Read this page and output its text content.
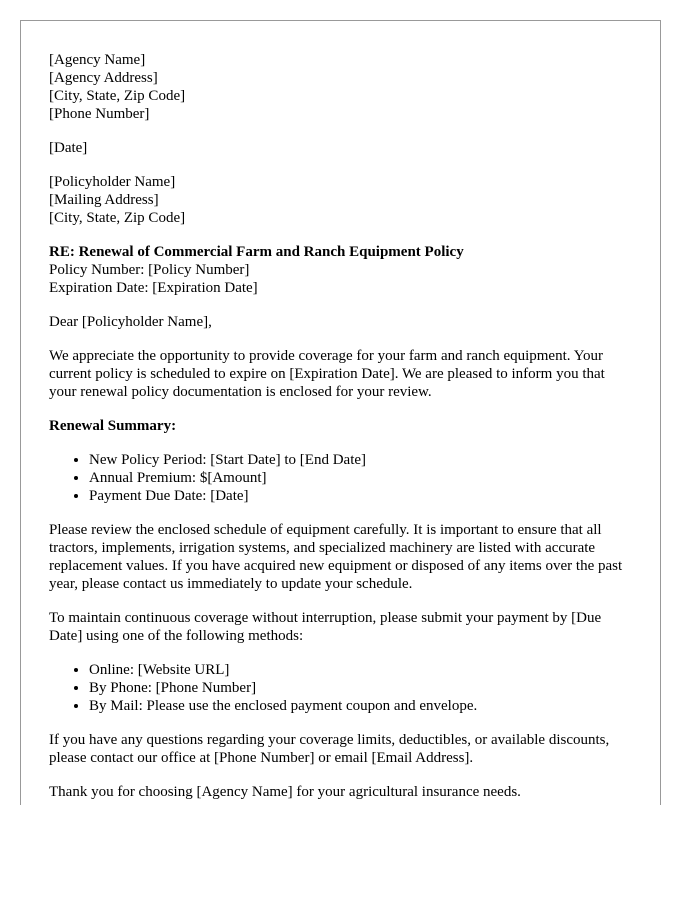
[Agency Name]
[Agency Address]
[City, State, Zip Code]
[Phone Number]
[Date]
[Policyholder Name]
[Mailing Address]
[City, State, Zip Code]
RE: Renewal of Commercial Farm and Ranch Equipment Policy
Policy Number: [Policy Number]
Expiration Date: [Expiration Date]

Dear [Policyholder Name],

We appreciate the opportunity to provide coverage for your farm and ranch equipment. Your current policy is scheduled to expire on [Expiration Date]. We are pleased to inform you that your renewal policy documentation is enclosed for your review.

Renewal Summary:

• New Policy Period: [Start Date] to [End Date]
• Annual Premium: $[Amount]
• Payment Due Date: [Date]

Please review the enclosed schedule of equipment carefully. It is important to ensure that all tractors, implements, irrigation systems, and specialized machinery are listed with accurate replacement values. If you have acquired new equipment or disposed of any items over the past year, please contact us immediately to update your schedule.

To maintain continuous coverage without interruption, please submit your payment by [Due Date] using one of the following methods:

• Online: [Website URL]
• By Phone: [Phone Number]
• By Mail: Please use the enclosed payment coupon and envelope.

If you have any questions regarding your coverage limits, deductibles, or available discounts, please contact our office at [Phone Number] or email [Email Address].

Thank you for choosing [Agency Name] for your agricultural insurance needs.
